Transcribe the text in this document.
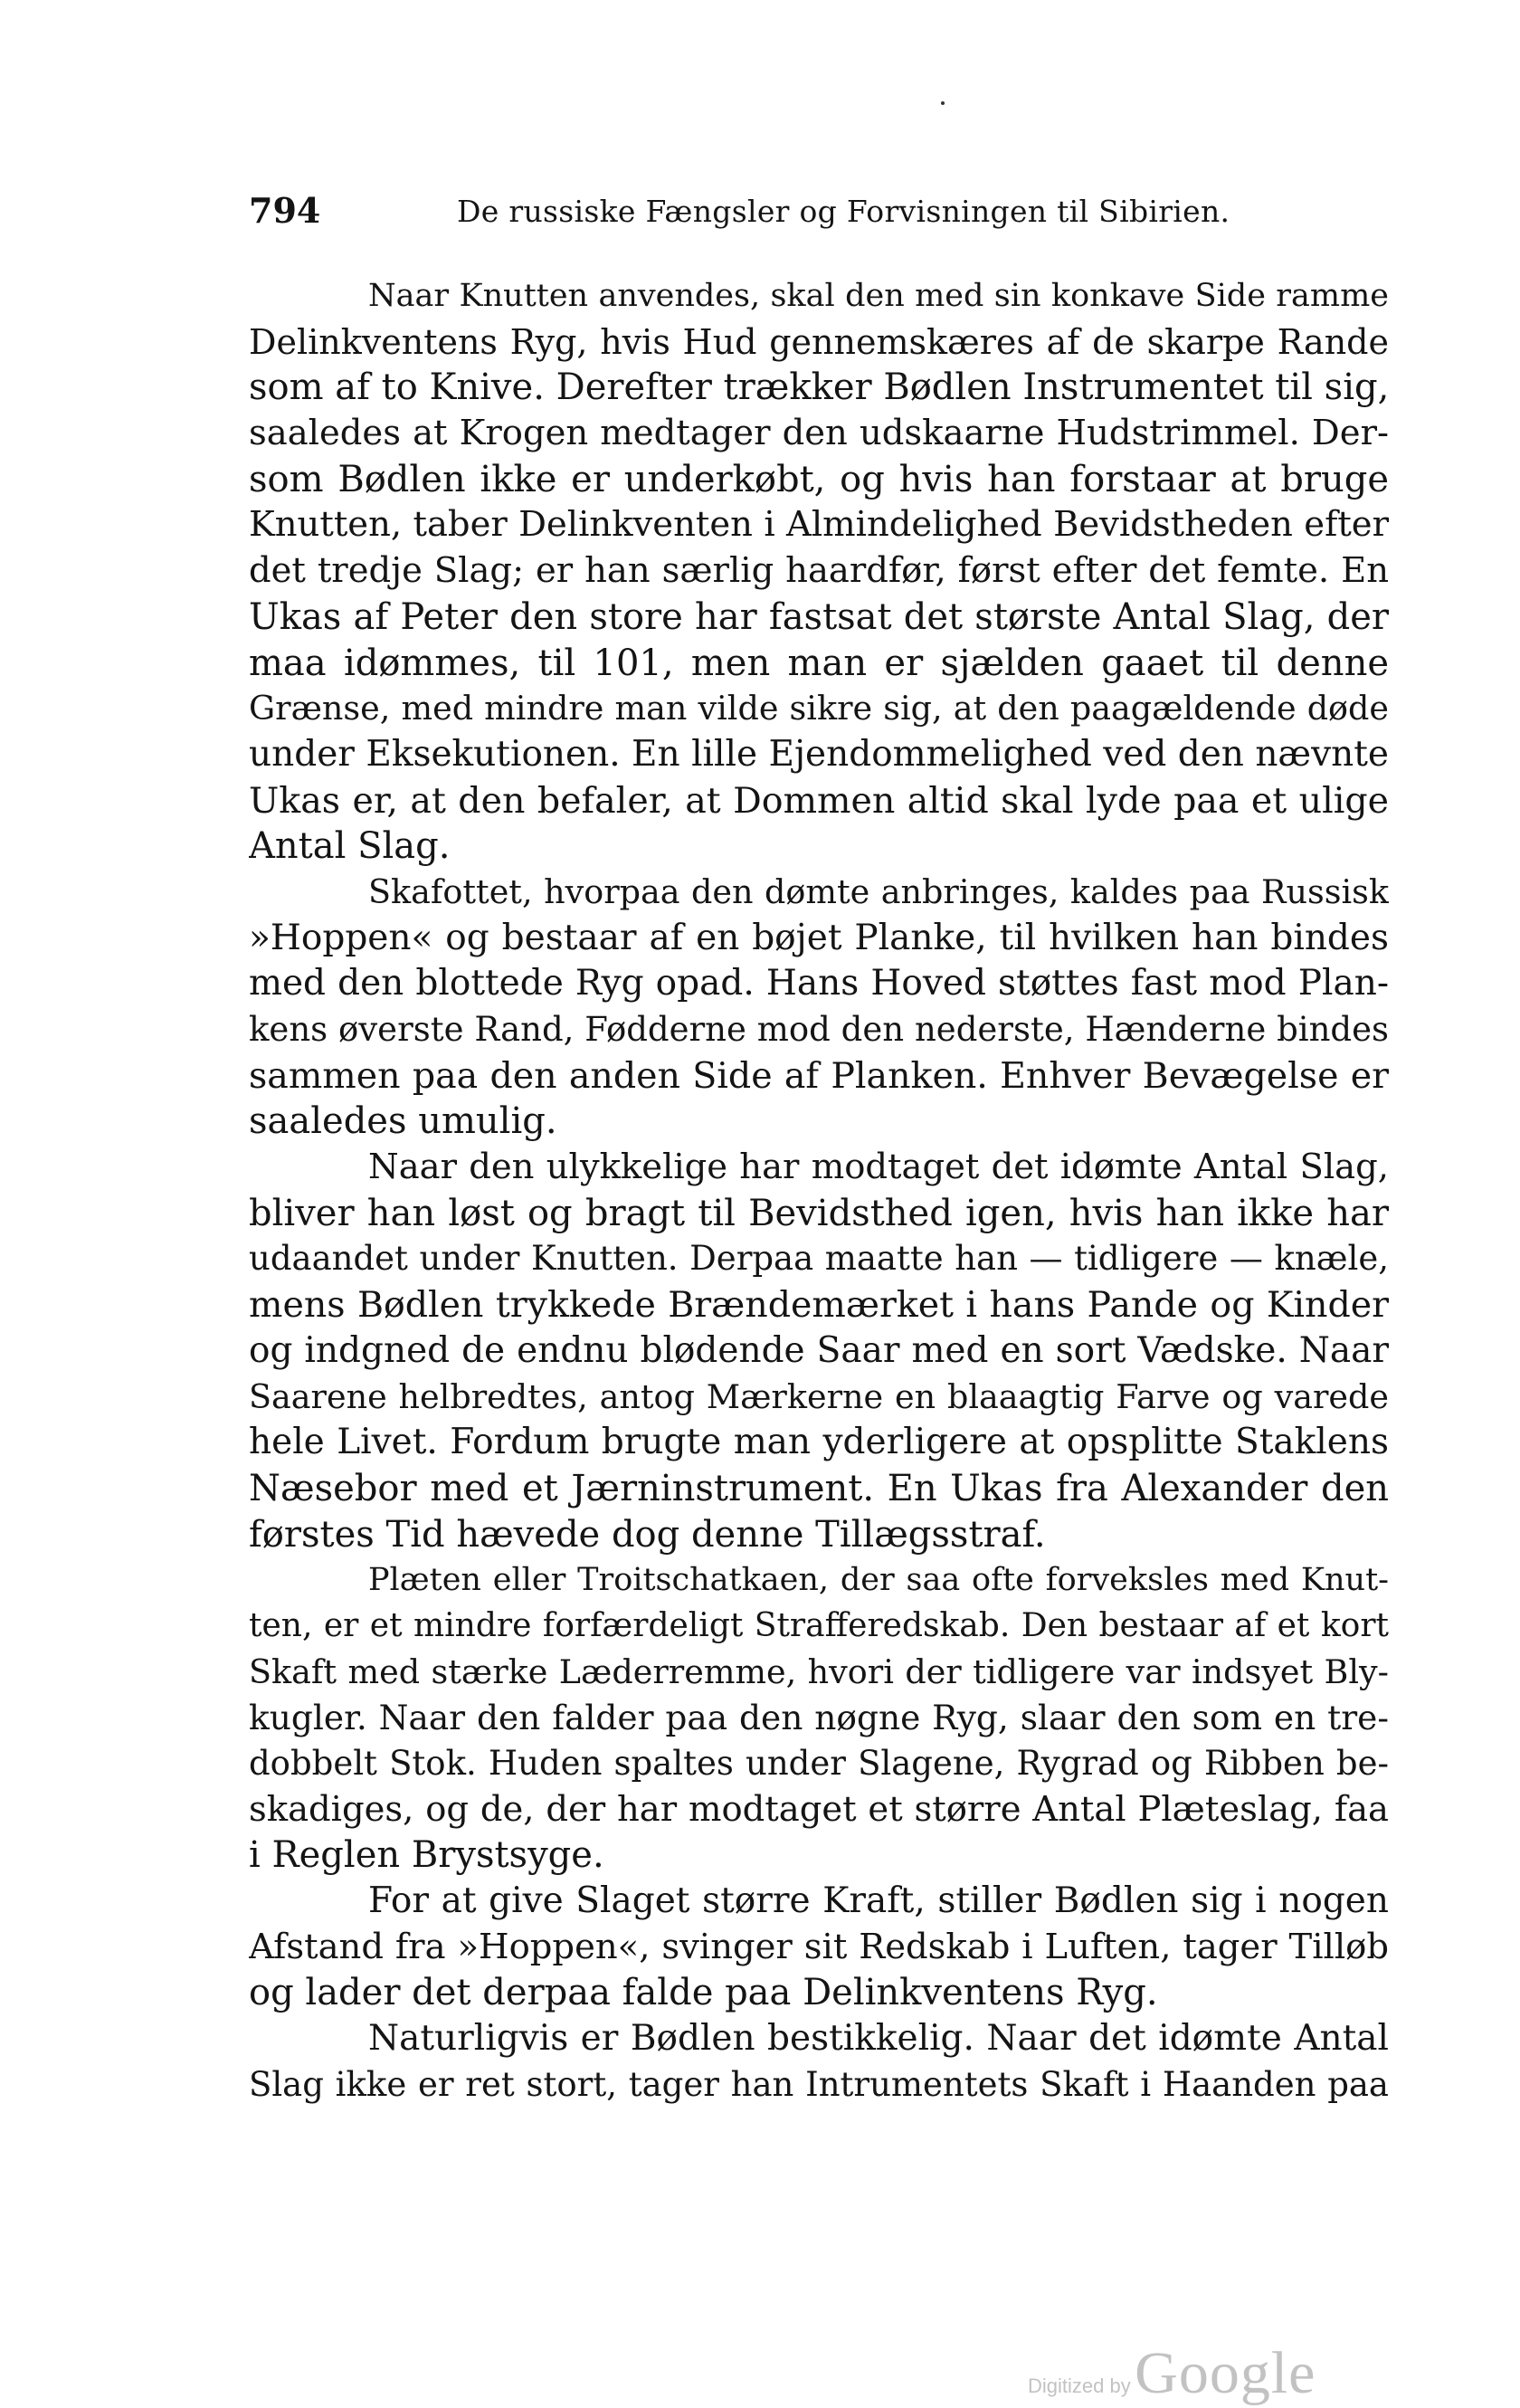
794	De russiske Fængsler og Forvisningen til Sibirien.
Naar Knutten anvendes, skal den med sin konkave Side ramme
Delinkventens Ryg, hvis Hud gennemskæres af de skarpe Rande
som af to Knive. Derefter trækker Bødlen Instrumentet til sig,
saaledes at Krogen medtager den udskaarne Hudstrimmel. Der-
som Bødlen ikke er underkøbt, og hvis han forstaar at bruge
Knutten, taber Delinkventen i Almindelighed Bevidstheden efter
det tredje Slag; er han særlig haardfør, først efter det femte. En
Ukas af Peter den store har fastsat det største Antal Slag, der
maa idømmes, til 101, men man er sjælden gaaet til denne
Grænse, med mindre man vilde sikre sig, at den paagældende døde
under Eksekutionen. En lille Ejendommelighed ved den nævnte
Ukas er, at den befaler, at Dommen altid skal lyde paa et ulige
Antal Slag.
Skafottet, hvorpaa den dømte anbringes, kaldes paa Russisk
»Hoppen« og bestaar af en bøjet Planke, til hvilken han bindes
med den blottede Ryg opad. Hans Hoved støttes fast mod Plan-
kens øverste Rand, Fødderne mod den nederste, Hænderne bindes
sammen paa den anden Side af Planken. Enhver Bevægelse er
saaledes umulig.
Naar den ulykkelige har modtaget det idømte Antal Slag,
bliver han løst og bragt til Bevidsthed igen, hvis han ikke har
udaandet under Knutten. Derpaa maatte han — tidligere — knæle,
mens Bødlen trykkede Brændemærket i hans Pande og Kinder
og indgned de endnu blødende Saar med en sort Vædske. Naar
Saarene helbredtes, antog Mærkerne en blaaagtig Farve og varede
hele Livet. Fordum brugte man yderligere at opsplitte Staklens
Næsebor med et Jærninstrument. En Ukas fra Alexander den
førstes Tid hævede dog denne Tillægsstraf.
Plæten eller Troitschatkaen, der saa ofte forveksles med Knut-
ten, er et mindre forfærdeligt Strafferedskab. Den bestaar af et kort
Skaft med stærke Læderremme, hvori der tidligere var indsyet Bly-
kugler. Naar den falder paa den nøgne Ryg, slaar den som en tre-
dobbelt Stok. Huden spaltes under Slagene, Rygrad og Ribben be-
skadiges, og de, der har modtaget et større Antal Plæteslag, faa
i Reglen Brystsyge.
For at give Slaget større Kraft, stiller Bødlen sig i nogen
Afstand fra »Hoppen«, svinger sit Redskab i Luften, tager Tilløb
og lader det derpaa falde paa Delinkventens Ryg.
Naturligvis er Bødlen bestikkelig. Naar det idømte Antal
Slag ikke er ret stort, tager han Intrumentets Skaft i Haanden paa
Digitized by Google
